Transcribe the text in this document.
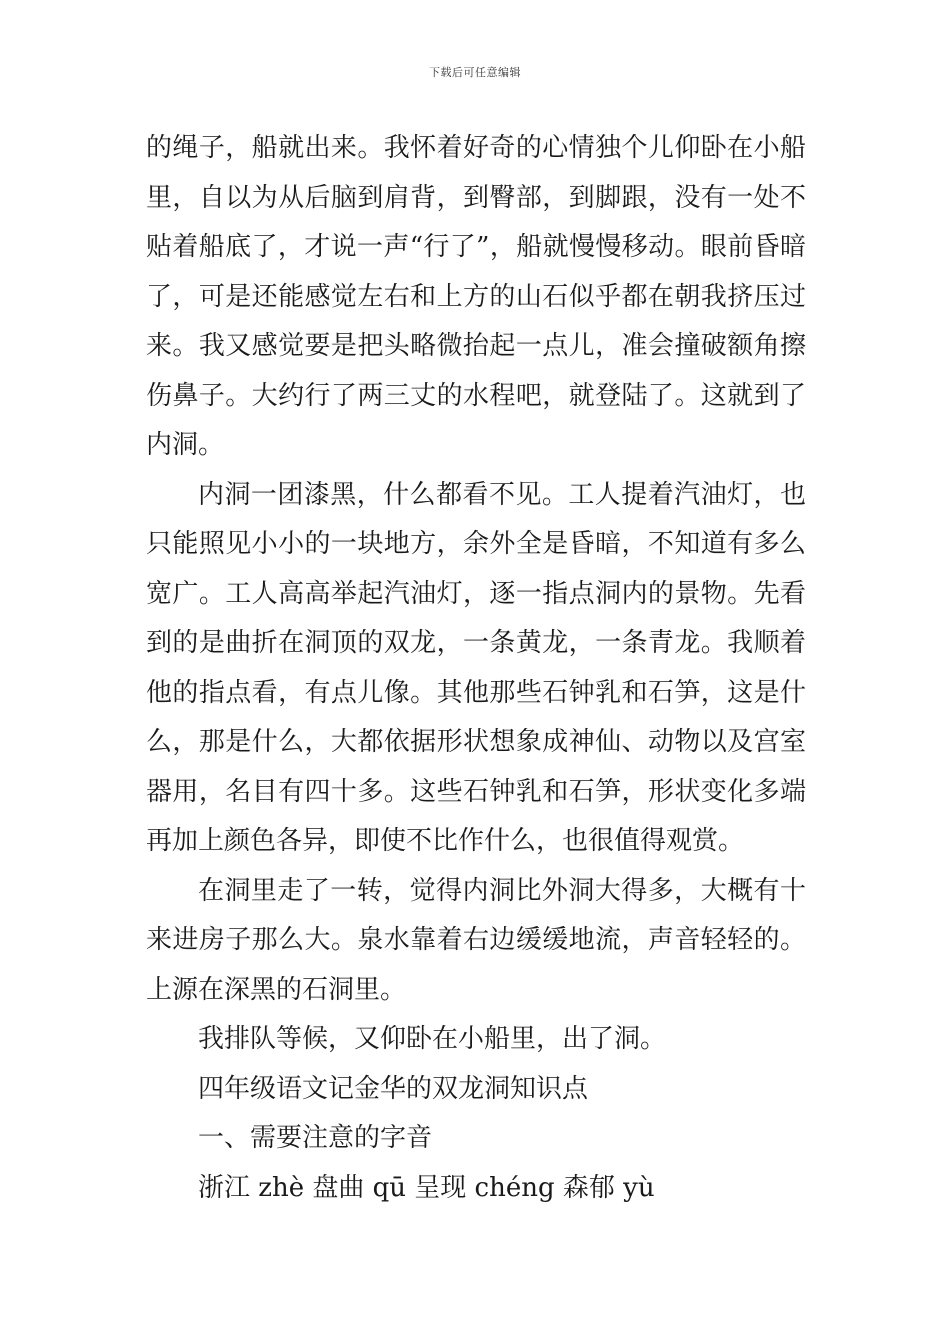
下载后可任意编辑

的绳子，船就出来。我怀着好奇的心情独个儿仰卧在小船里，自以为从后脑到肩背，到臀部，到脚跟，没有一处不贴着船底了，才说一声“行了”，船就慢慢移动。眼前昏暗了，可是还能感觉左右和上方的山石似乎都在朝我挤压过来。我又感觉要是把头略微抬起一点儿，准会撞破额角擦伤鼻子。大约行了两三丈的水程吧，就登陆了。这就到了内洞。

内洞一团漆黑，什么都看不见。工人提着汽油灯，也只能照见小小的一块地方，余外全是昏暗，不知道有多么宽广。工人高高举起汽油灯，逐一指点洞内的景物。先看到的是曲折在洞顶的双龙，一条黄龙，一条青龙。我顺着他的指点看，有点儿像。其他那些石钟乳和石笋，这是什么，那是什么，大都依据形状想象成神仙、动物以及宫室器用，名目有四十多。这些石钟乳和石笋，形状变化多端再加上颜色各异，即使不比作什么，也很值得观赏。

在洞里走了一转，觉得内洞比外洞大得多，大概有十来进房子那么大。泉水靠着右边缓缓地流，声音轻轻的。上源在深黑的石洞里。

我排队等候，又仰卧在小船里，出了洞。

四年级语文记金华的双龙洞知识点

一、需要注意的字音

浙江 zhè 盘曲 qū 呈现 chéng 森郁 yù
